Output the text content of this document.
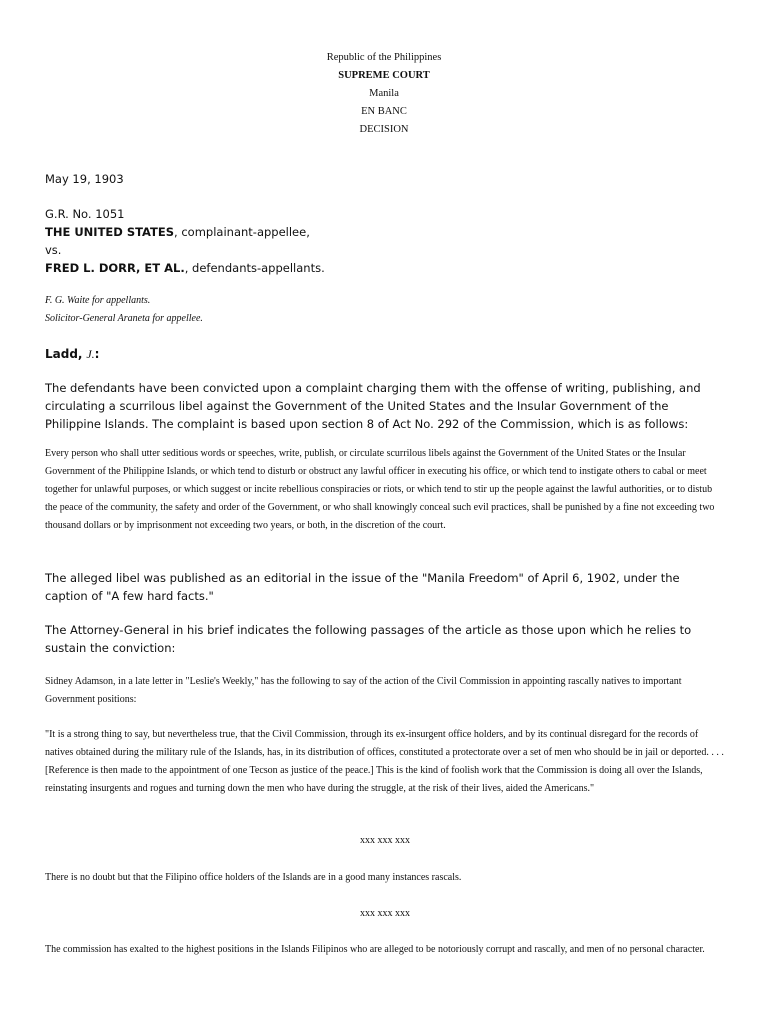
Republic of the Philippines
SUPREME COURT
Manila
EN BANC
DECISION
May 19, 1903
G.R. No. 1051
THE UNITED STATES, complainant-appellee,
vs.
FRED L. DORR, ET AL., defendants-appellants.
F. G. Waite for appellants.
Solicitor-General Araneta for appellee.
Ladd, J.:
The defendants have been convicted upon a complaint charging them with the offense of writing, publishing, and circulating a scurrilous libel against the Government of the United States and the Insular Government of the Philippine Islands. The complaint is based upon section 8 of Act No. 292 of the Commission, which is as follows:
Every person who shall utter seditious words or speeches, write, publish, or circulate scurrilous libels against the Government of the United States or the Insular Government of the Philippine Islands, or which tend to disturb or obstruct any lawful officer in executing his office, or which tend to instigate others to cabal or meet together for unlawful purposes, or which suggest or incite rebellious conspiracies or riots, or which tend to stir up the people against the lawful authorities, or to distub the peace of the community, the safety and order of the Government, or who shall knowingly conceal such evil practices, shall be punished by a fine not exceeding two thousand dollars or by imprisonment not exceeding two years, or both, in the discretion of the court.
The alleged libel was published as an editorial in the issue of the "Manila Freedom" of April 6, 1902, under the caption of "A few hard facts."
The Attorney-General in his brief indicates the following passages of the article as those upon which he relies to sustain the conviction:
Sidney Adamson, in a late letter in "Leslie's Weekly," has the following to say of the action of the Civil Commission in appointing rascally natives to important Government positions:
"It is a strong thing to say, but nevertheless true, that the Civil Commission, through its ex-insurgent office holders, and by its continual disregard for the records of natives obtained during the military rule of the Islands, has, in its distribution of offices, constituted a protectorate over a set of men who should be in jail or deported. . . . [Reference is then made to the appointment of one Tecson as justice of the peace.] This is the kind of foolish work that the Commission is doing all over the Islands, reinstating insurgents and rogues and turning down the men who have during the struggle, at the risk of their lives, aided the Americans."
xxx xxx xxx
There is no doubt but that the Filipino office holders of the Islands are in a good many instances rascals.
xxx xxx xxx
The commission has exalted to the highest positions in the Islands Filipinos who are alleged to be notoriously corrupt and rascally, and men of no personal character.
